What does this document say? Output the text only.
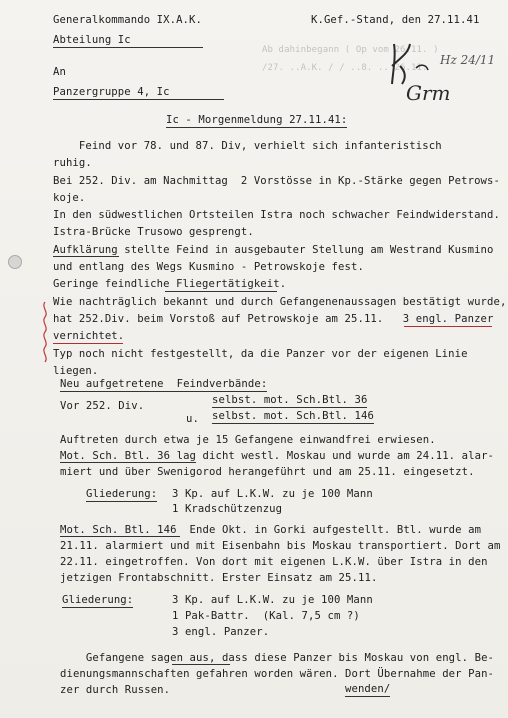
Ab dahinbegann ( Op vom 26.11. )
/27. ..A.K. / / ..8. .. 26.11.
Generalkommando IX.A.K.	K.Gef.-Stand, den 27.11.41
Abteilung Ic
Hz 24/11
Grm
An
Panzergruppe 4, Ic
Ic - Morgenmeldung 27.11.41:
Feind vor 78. und 87. Div, verhielt sich infanteristisch
ruhig.
Bei 252. Div. am Nachmittag  2 Vorstösse in Kp.-Stärke gegen Petrows-
koje.
In den südwestlichen Ortsteilen Istra noch schwacher Feindwiderstand.
Istra-Brücke Trusowo gesprengt.
Aufklärung stellte Feind in ausgebauter Stellung am Westrand Kusmino
und entlang des Wegs Kusmino - Petrowskoje fest.
Geringe feindliche Fliegertätigkeit.
Wie nachträglich bekannt und durch Gefangenenaussagen bestätigt wurde,
hat 252.Div. beim Vorstoß auf Petrowskoje am 25.11.   3 engl. Panzer
vernichtet.
Typ noch nicht festgestellt, da die Panzer vor der eigenen Linie
liegen.
Neu aufgetretene  Feindverbände:
Vor 252. Div.	selbst. mot. Sch.Btl. 36
u. selbst. mot. Sch.Btl. 146
Auftreten durch etwa je 15 Gefangene einwandfrei erwiesen.
Mot. Sch. Btl. 36 lag dicht westl. Moskau und wurde am 24.11. alar-
miert und über Swenigorod herangeführt und am 25.11. eingesetzt.
Gliederung: 3 Kp. auf L.K.W. zu je 100 Mann
1 Kradschützenzug
Mot. Sch. Btl. 146  Ende Okt. in Gorki aufgestellt. Btl. wurde am
21.11. alarmiert und mit Eisenbahn bis Moskau transportiert. Dort am
22.11. eingetroffen. Von dort mit eigenen L.K.W. über Istra in den
jetzigen Frontabschnitt. Erster Einsatz am 25.11.
Gliederung:	3 Kp. auf L.K.W. zu je 100 Mann
1 Pak-Battr.  (Kal. 7,5 cm ?)
3 engl. Panzer.
Gefangene sagen aus, dass diese Panzer bis Moskau von engl. Be-
dienungsmannschaften gefahren worden wären. Dort Übernahme der Pan-
zer durch Russen.	wenden/
